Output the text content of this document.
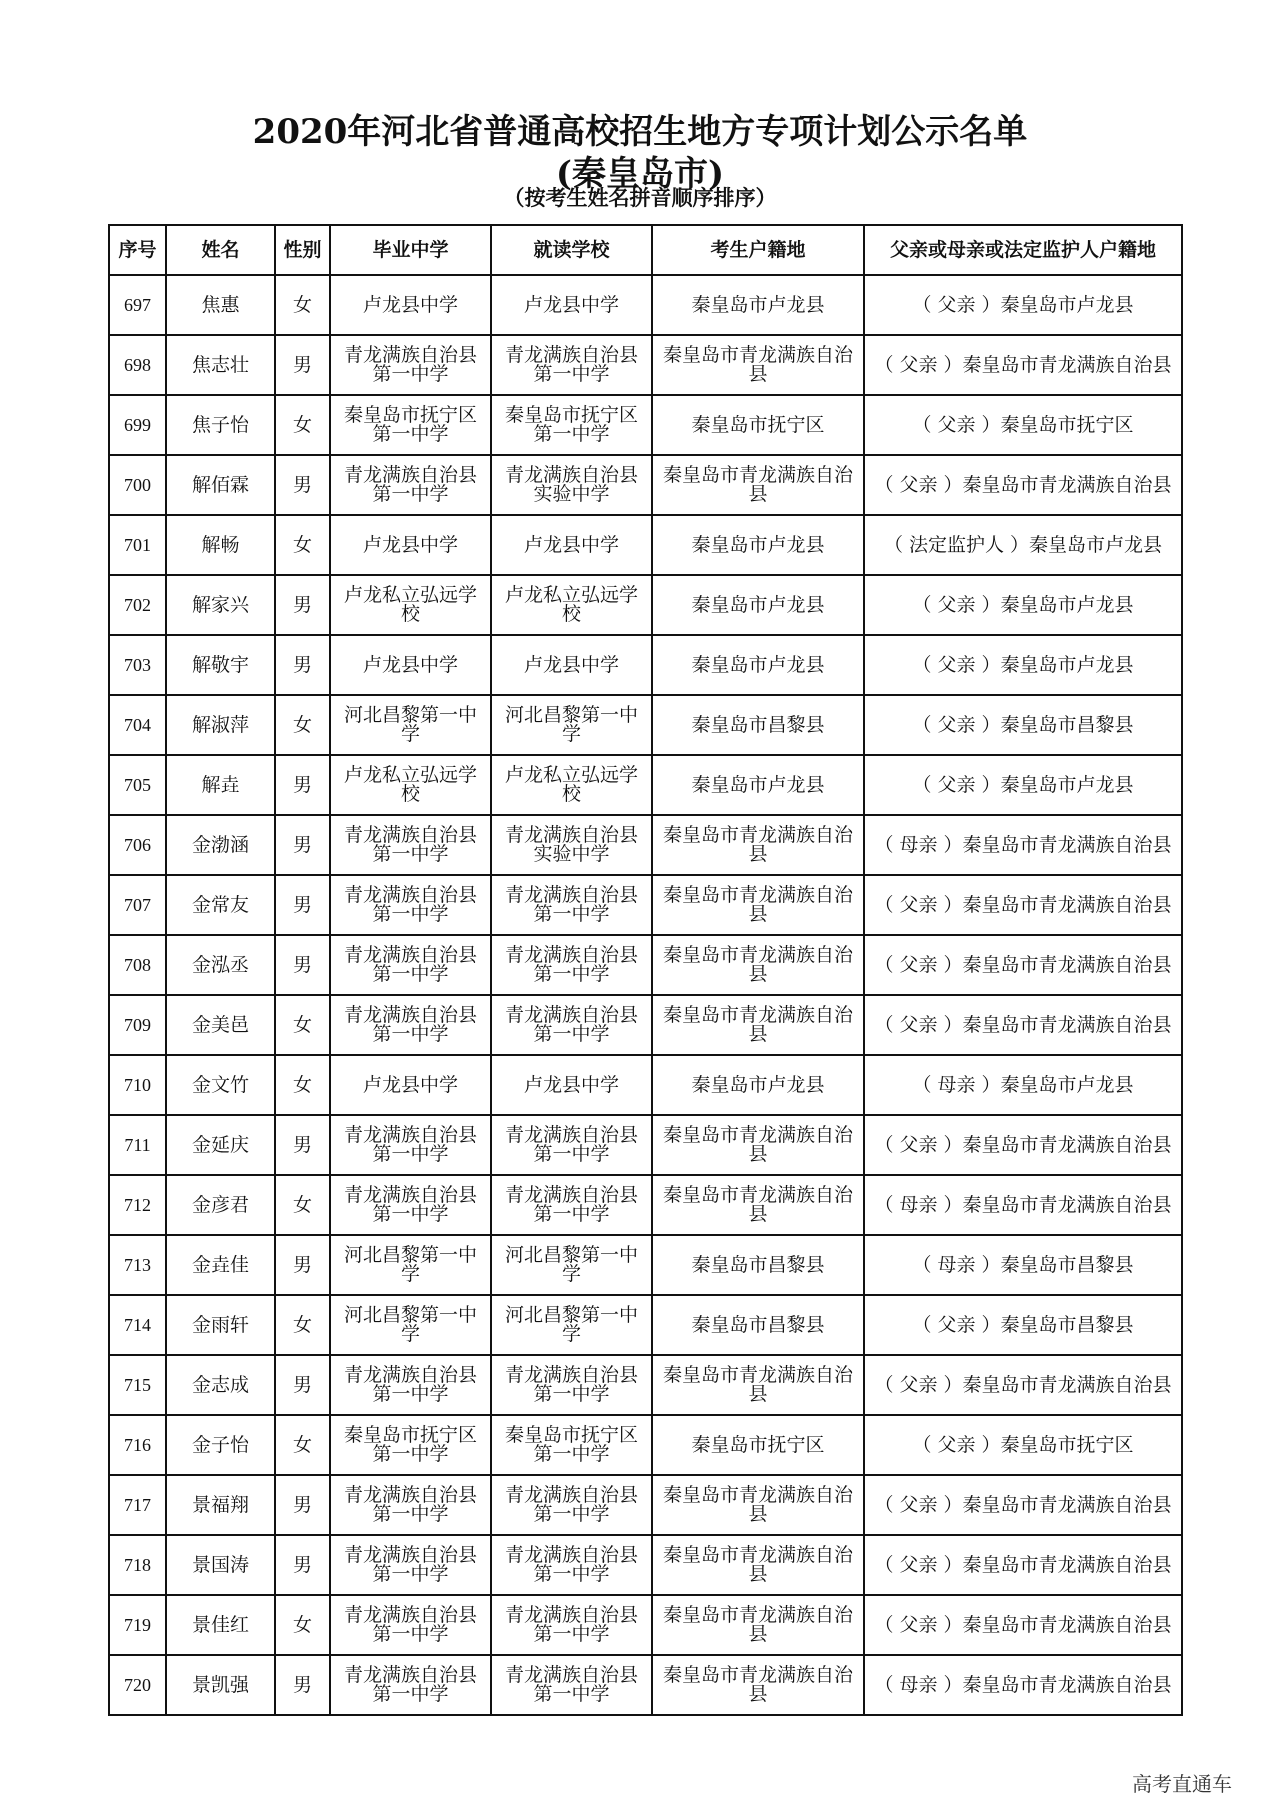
2020年河北省普通高校招生地方专项计划公示名单
(秦皇岛市)
（按考生姓名拼音顺序排序）
序号	姓名	性别	毕业中学	就读学校	考生户籍地	父亲或母亲或法定监护人户籍地
697	焦惠	女	卢龙县中学	卢龙县中学	秦皇岛市卢龙县	（ 父亲 ）秦皇岛市卢龙县
698	焦志壮	男	青龙满族自治县第一中学	青龙满族自治县第一中学	秦皇岛市青龙满族自治县	（ 父亲 ）秦皇岛市青龙满族自治县
699	焦子怡	女	秦皇岛市抚宁区第一中学	秦皇岛市抚宁区第一中学	秦皇岛市抚宁区	（ 父亲 ）秦皇岛市抚宁区
700	解佰霖	男	青龙满族自治县第一中学	青龙满族自治县实验中学	秦皇岛市青龙满族自治县	（ 父亲 ）秦皇岛市青龙满族自治县
701	解畅	女	卢龙县中学	卢龙县中学	秦皇岛市卢龙县	（ 法定监护人 ）秦皇岛市卢龙县
702	解家兴	男	卢龙私立弘远学校	卢龙私立弘远学校	秦皇岛市卢龙县	（ 父亲 ）秦皇岛市卢龙县
703	解敬宇	男	卢龙县中学	卢龙县中学	秦皇岛市卢龙县	（ 父亲 ）秦皇岛市卢龙县
704	解淑萍	女	河北昌黎第一中学	河北昌黎第一中学	秦皇岛市昌黎县	（ 父亲 ）秦皇岛市昌黎县
705	解垚	男	卢龙私立弘远学校	卢龙私立弘远学校	秦皇岛市卢龙县	（ 父亲 ）秦皇岛市卢龙县
706	金渤涵	男	青龙满族自治县第一中学	青龙满族自治县实验中学	秦皇岛市青龙满族自治县	（ 母亲 ）秦皇岛市青龙满族自治县
707	金常友	男	青龙满族自治县第一中学	青龙满族自治县第一中学	秦皇岛市青龙满族自治县	（ 父亲 ）秦皇岛市青龙满族自治县
708	金泓丞	男	青龙满族自治县第一中学	青龙满族自治县第一中学	秦皇岛市青龙满族自治县	（ 父亲 ）秦皇岛市青龙满族自治县
709	金美邑	女	青龙满族自治县第一中学	青龙满族自治县第一中学	秦皇岛市青龙满族自治县	（ 父亲 ）秦皇岛市青龙满族自治县
710	金文竹	女	卢龙县中学	卢龙县中学	秦皇岛市卢龙县	（ 母亲 ）秦皇岛市卢龙县
711	金延庆	男	青龙满族自治县第一中学	青龙满族自治县第一中学	秦皇岛市青龙满族自治县	（ 父亲 ）秦皇岛市青龙满族自治县
712	金彦君	女	青龙满族自治县第一中学	青龙满族自治县第一中学	秦皇岛市青龙满族自治县	（ 母亲 ）秦皇岛市青龙满族自治县
713	金垚佳	男	河北昌黎第一中学	河北昌黎第一中学	秦皇岛市昌黎县	（ 母亲 ）秦皇岛市昌黎县
714	金雨轩	女	河北昌黎第一中学	河北昌黎第一中学	秦皇岛市昌黎县	（ 父亲 ）秦皇岛市昌黎县
715	金志成	男	青龙满族自治县第一中学	青龙满族自治县第一中学	秦皇岛市青龙满族自治县	（ 父亲 ）秦皇岛市青龙满族自治县
716	金子怡	女	秦皇岛市抚宁区第一中学	秦皇岛市抚宁区第一中学	秦皇岛市抚宁区	（ 父亲 ）秦皇岛市抚宁区
717	景福翔	男	青龙满族自治县第一中学	青龙满族自治县第一中学	秦皇岛市青龙满族自治县	（ 父亲 ）秦皇岛市青龙满族自治县
718	景国涛	男	青龙满族自治县第一中学	青龙满族自治县第一中学	秦皇岛市青龙满族自治县	（ 父亲 ）秦皇岛市青龙满族自治县
719	景佳红	女	青龙满族自治县第一中学	青龙满族自治县第一中学	秦皇岛市青龙满族自治县	（ 父亲 ）秦皇岛市青龙满族自治县
720	景凯强	男	青龙满族自治县第一中学	青龙满族自治县第一中学	秦皇岛市青龙满族自治县	（ 母亲 ）秦皇岛市青龙满族自治县
高考直通车
